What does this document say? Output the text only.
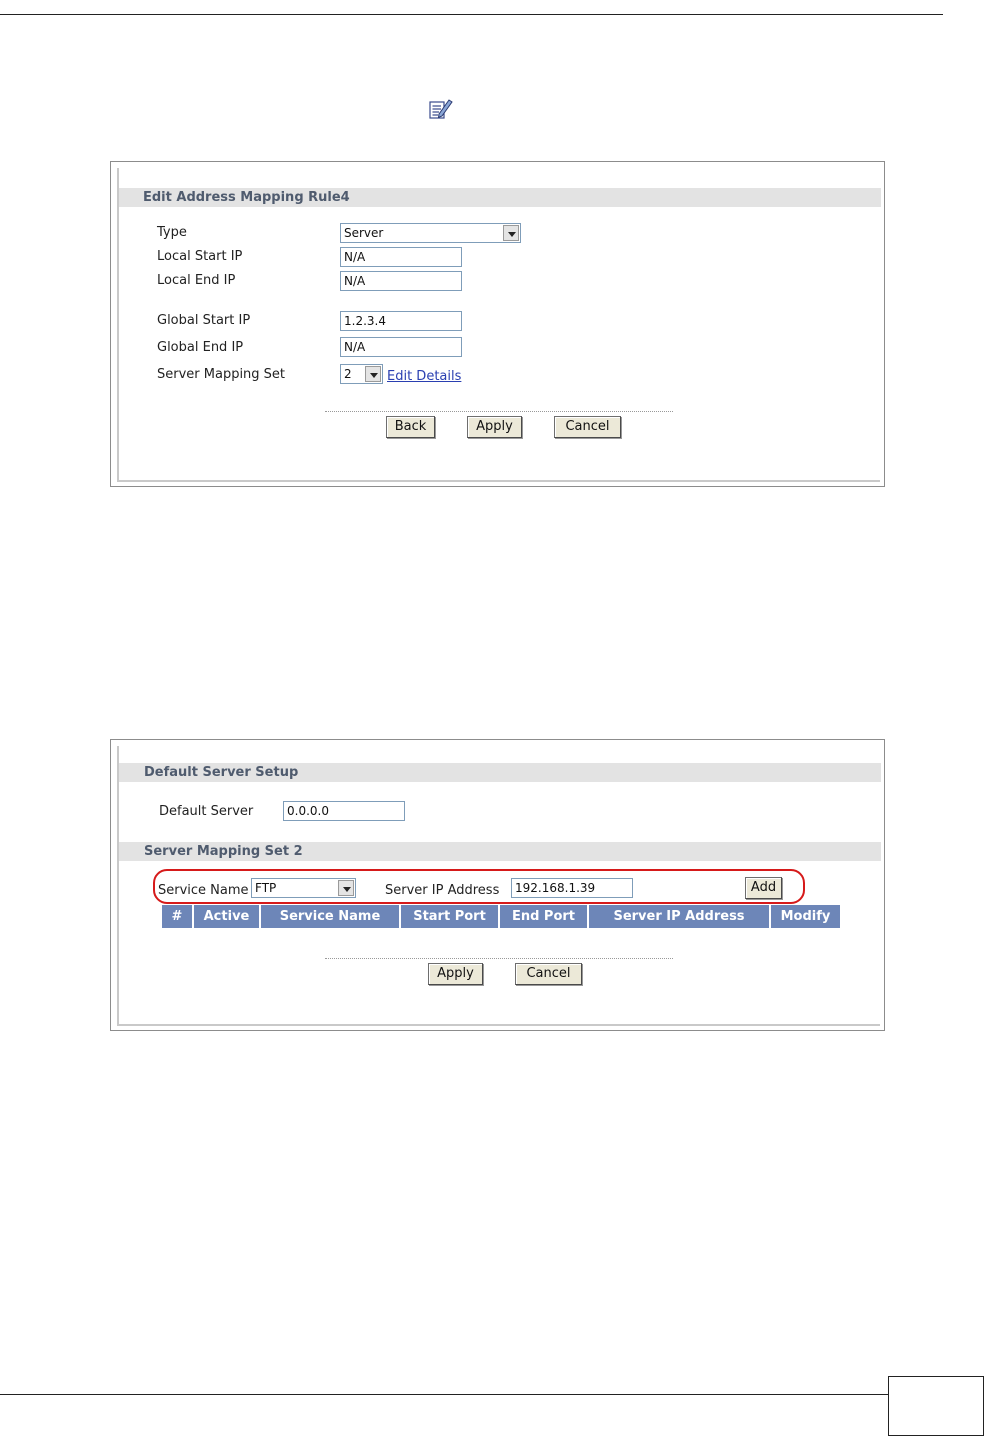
Edit Address Mapping Rule4
Type	Server
Local Start IP	N/A
Local End IP	N/A
Global Start IP	1.2.3.4
Global End IP	N/A
Server Mapping Set	2	Edit Details
Back	Apply	Cancel
Default Server Setup
Default Server	0.0.0.0
Server Mapping Set 2
Service Name FTP	Server IP Address	192.168.1.39	Add
#	Active	Service Name	Start Port	End Port	Server IP Address	Modify
Apply	Cancel
